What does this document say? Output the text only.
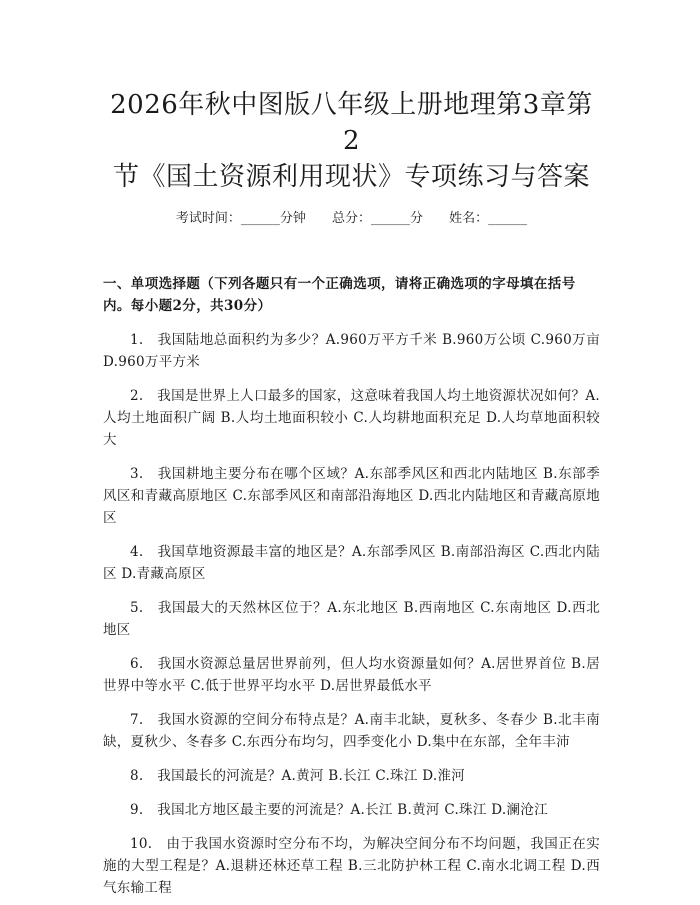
2026年秋中图版八年级上册地理第3章第2
节《国土资源利用现状》专项练习与答案
考试时间：______分钟 总分：______分 姓名：______
一、单项选择题（下列各题只有一个正确选项，请将正确选项的字母填在括号内。每小题2分，共30分）

1.　我国陆地总面积约为多少？A.960万平方千米 B.960万公顷 C.960万亩 D.960万平方米

2.　我国是世界上人口最多的国家，这意味着我国人均土地资源状况如何？A.人均土地面积广阔 B.人均土地面积较小 C.人均耕地面积充足 D.人均草地面积较大

3.　我国耕地主要分布在哪个区域？A.东部季风区和西北内陆地区 B.东部季风区和青藏高原地区 C.东部季风区和南部沿海地区 D.西北内陆地区和青藏高原地区

4.　我国草地资源最丰富的地区是？A.东部季风区 B.南部沿海区 C.西北内陆区 D.青藏高原区

5.　我国最大的天然林区位于？A.东北地区 B.西南地区 C.东南地区 D.西北地区

6.　我国水资源总量居世界前列，但人均水资源量如何？A.居世界首位 B.居世界中等水平 C.低于世界平均水平 D.居世界最低水平

7.　我国水资源的空间分布特点是？A.南丰北缺，夏秋多、冬春少 B.北丰南缺，夏秋少、冬春多 C.东西分布均匀，四季变化小 D.集中在东部，全年丰沛

8.　我国最长的河流是？A.黄河 B.长江 C.珠江 D.淮河

9.　我国北方地区最主要的河流是？A.长江 B.黄河 C.珠江 D.澜沧江

10.　由于我国水资源时空分布不均，为解决空间分布不均问题，我国正在实施的大型工程是？A.退耕还林还草工程 B.三北防护林工程 C.南水北调工程 D.西气东输工程
